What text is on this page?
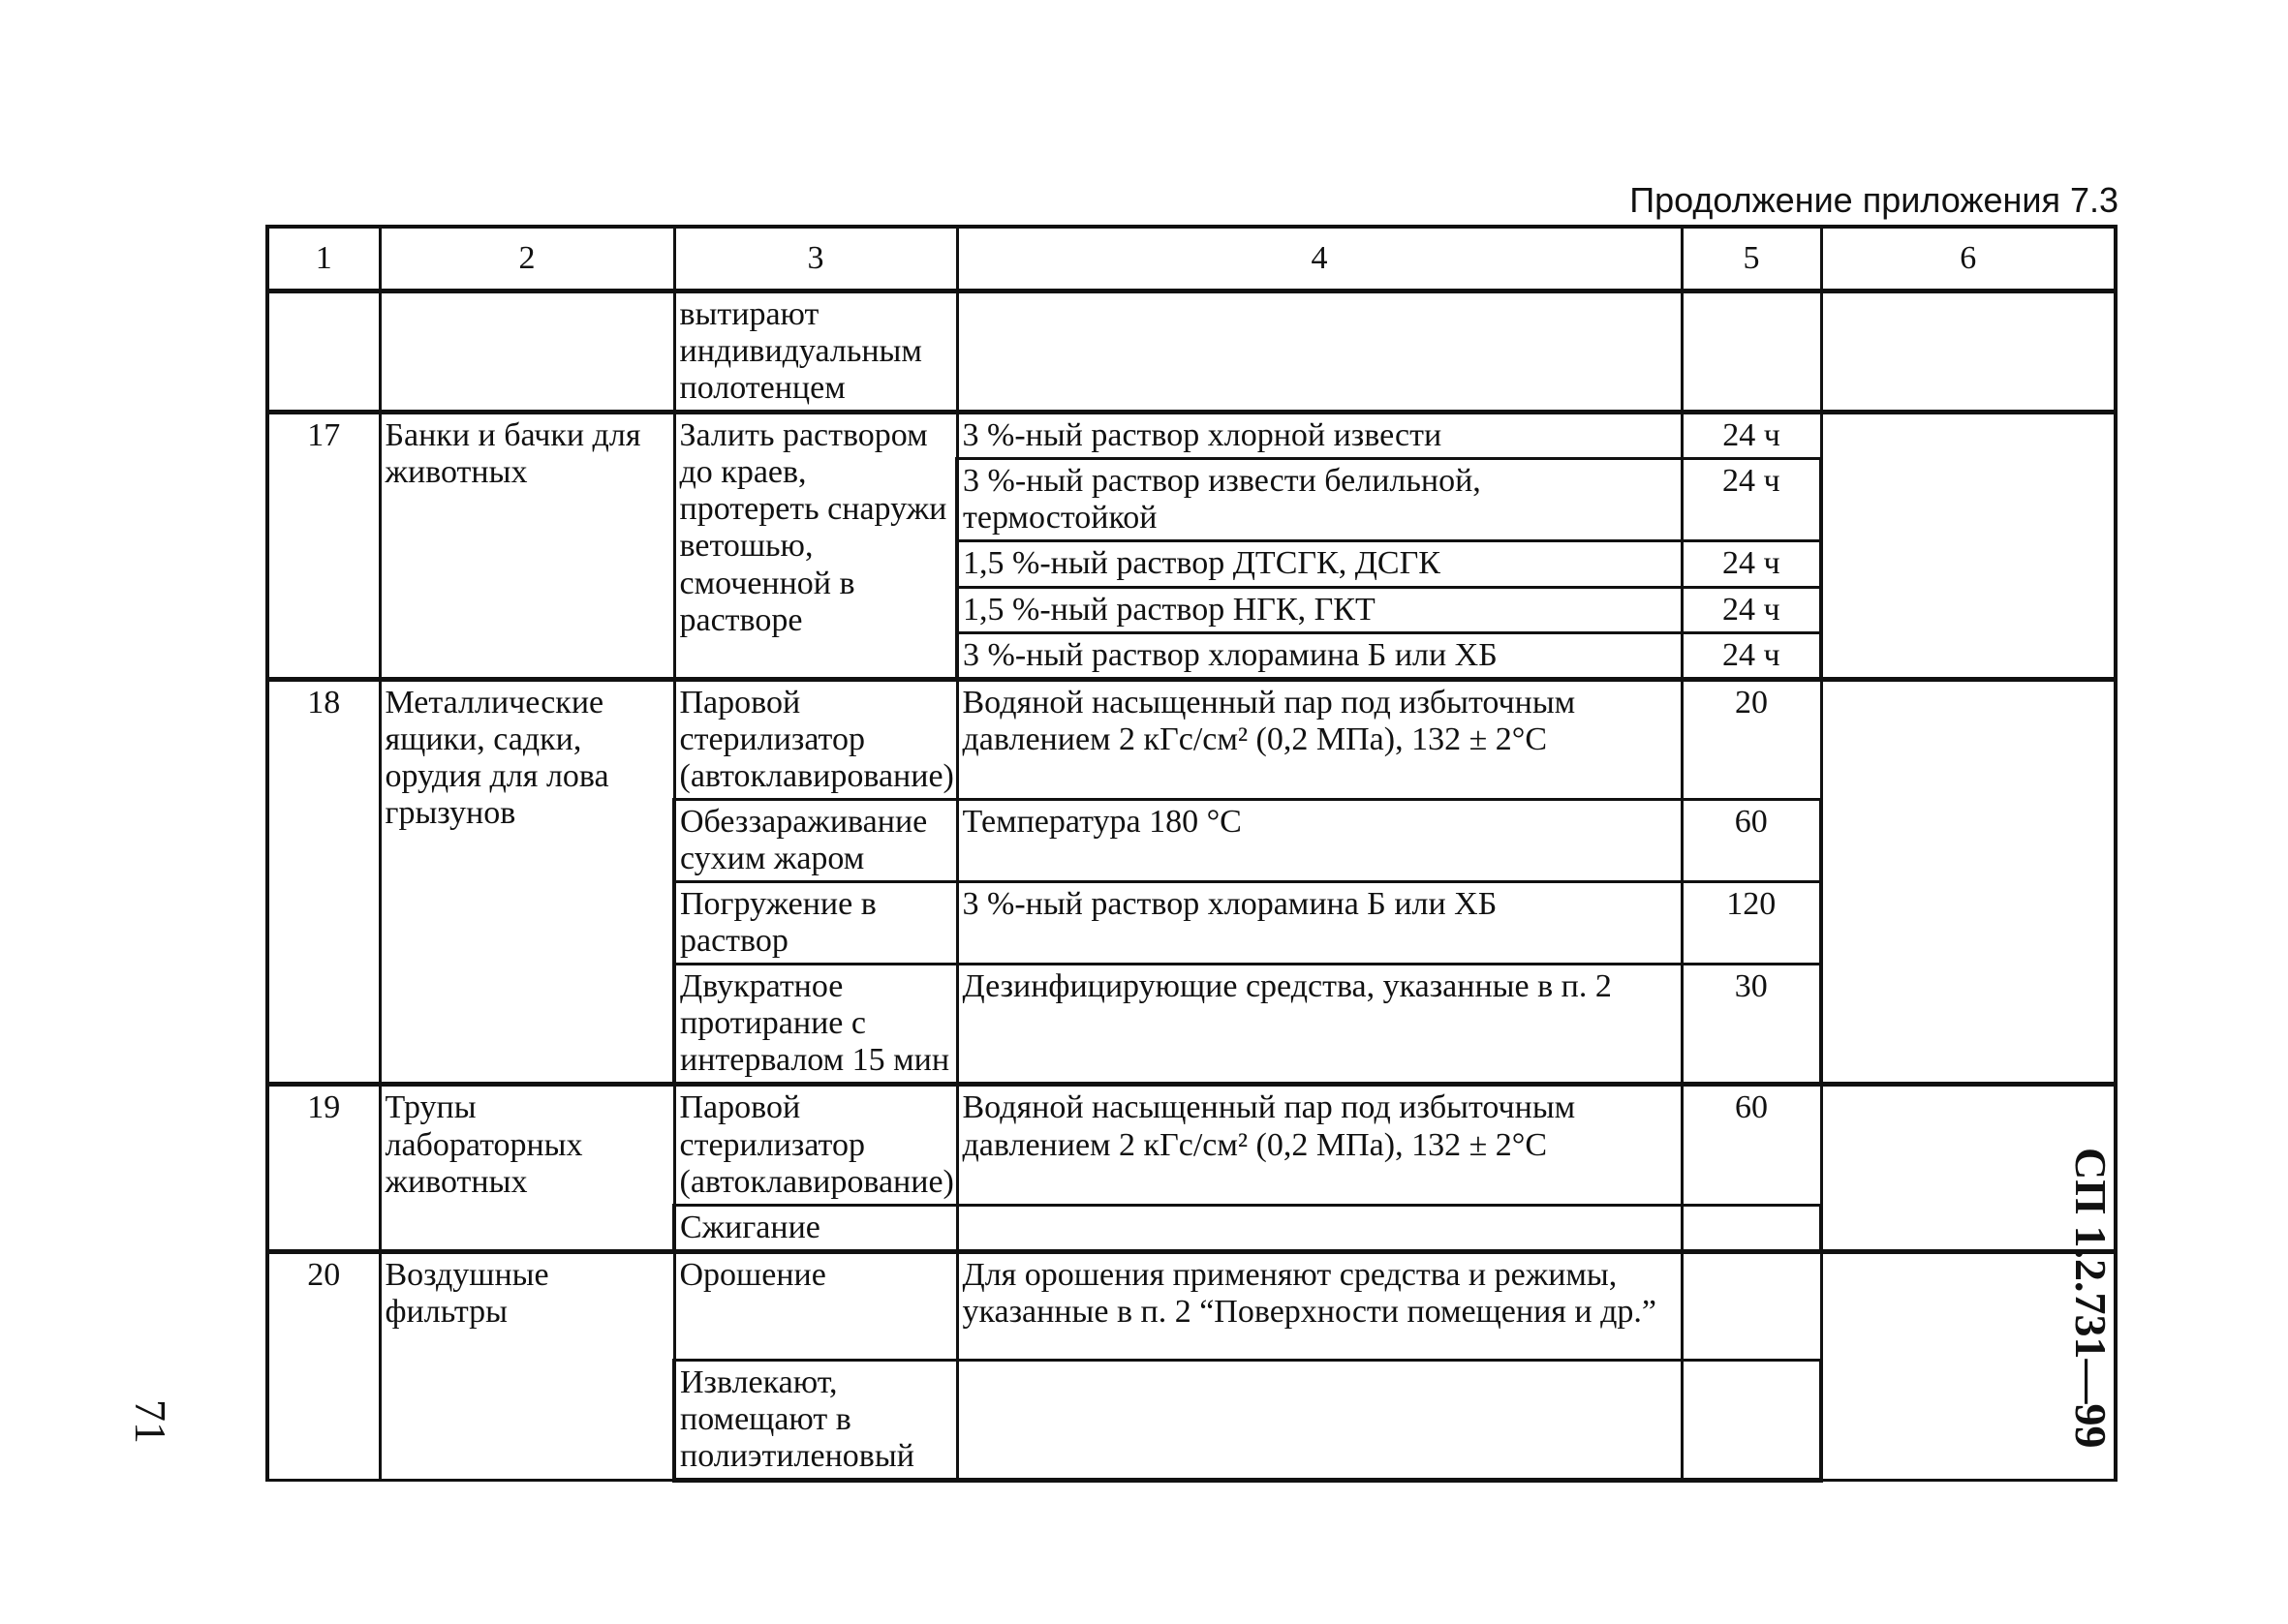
Продолжение приложения 7.3
1	2	3	4	5	6
		вытирают индивидуальным полотенцем			
17	Банки и бачки для животных	Залить раствором до краев, протереть снаружи ветошью, смоченной в растворе	3 %-ный раствор хлорной извести	24 ч	
			3 %-ный раствор извести белильной, термостойкой	24 ч	
			1,5 %-ный раствор ДТСГК, ДСГК	24 ч	
			1,5 %-ный раствор НГК, ГКТ	24 ч	
			3 %-ный раствор хлорамина Б или ХБ	24 ч	
18	Металлические ящики, садки, орудия для лова грызунов	Паровой стерилизатор (автоклавирование)	Водяной насыщенный пар под избыточным давлением 2 кГс/см² (0,2 МПа), 132 ± 2°С	20	
		Обеззараживание сухим жаром	Температура 180 °С	60	
		Погружение в раствор	3 %-ный раствор хлорамина Б или ХБ	120	
		Двукратное протирание с интервалом 15 мин	Дезинфицирующие средства, указанные в п. 2	30	
19	Трупы лабораторных животных	Паровой стерилизатор (автоклавирование)	Водяной насыщенный пар под избыточным давлением 2 кГс/см² (0,2 МПа), 132 ± 2°С	60	
		Сжигание			
20	Воздушные фильтры	Орошение	Для орошения применяют средства и режимы, указанные в п. 2 “Поверхности помещения и др.”		
		Извлекают, помещают в полиэтиленовый			
СП 1.2.731—99
71
